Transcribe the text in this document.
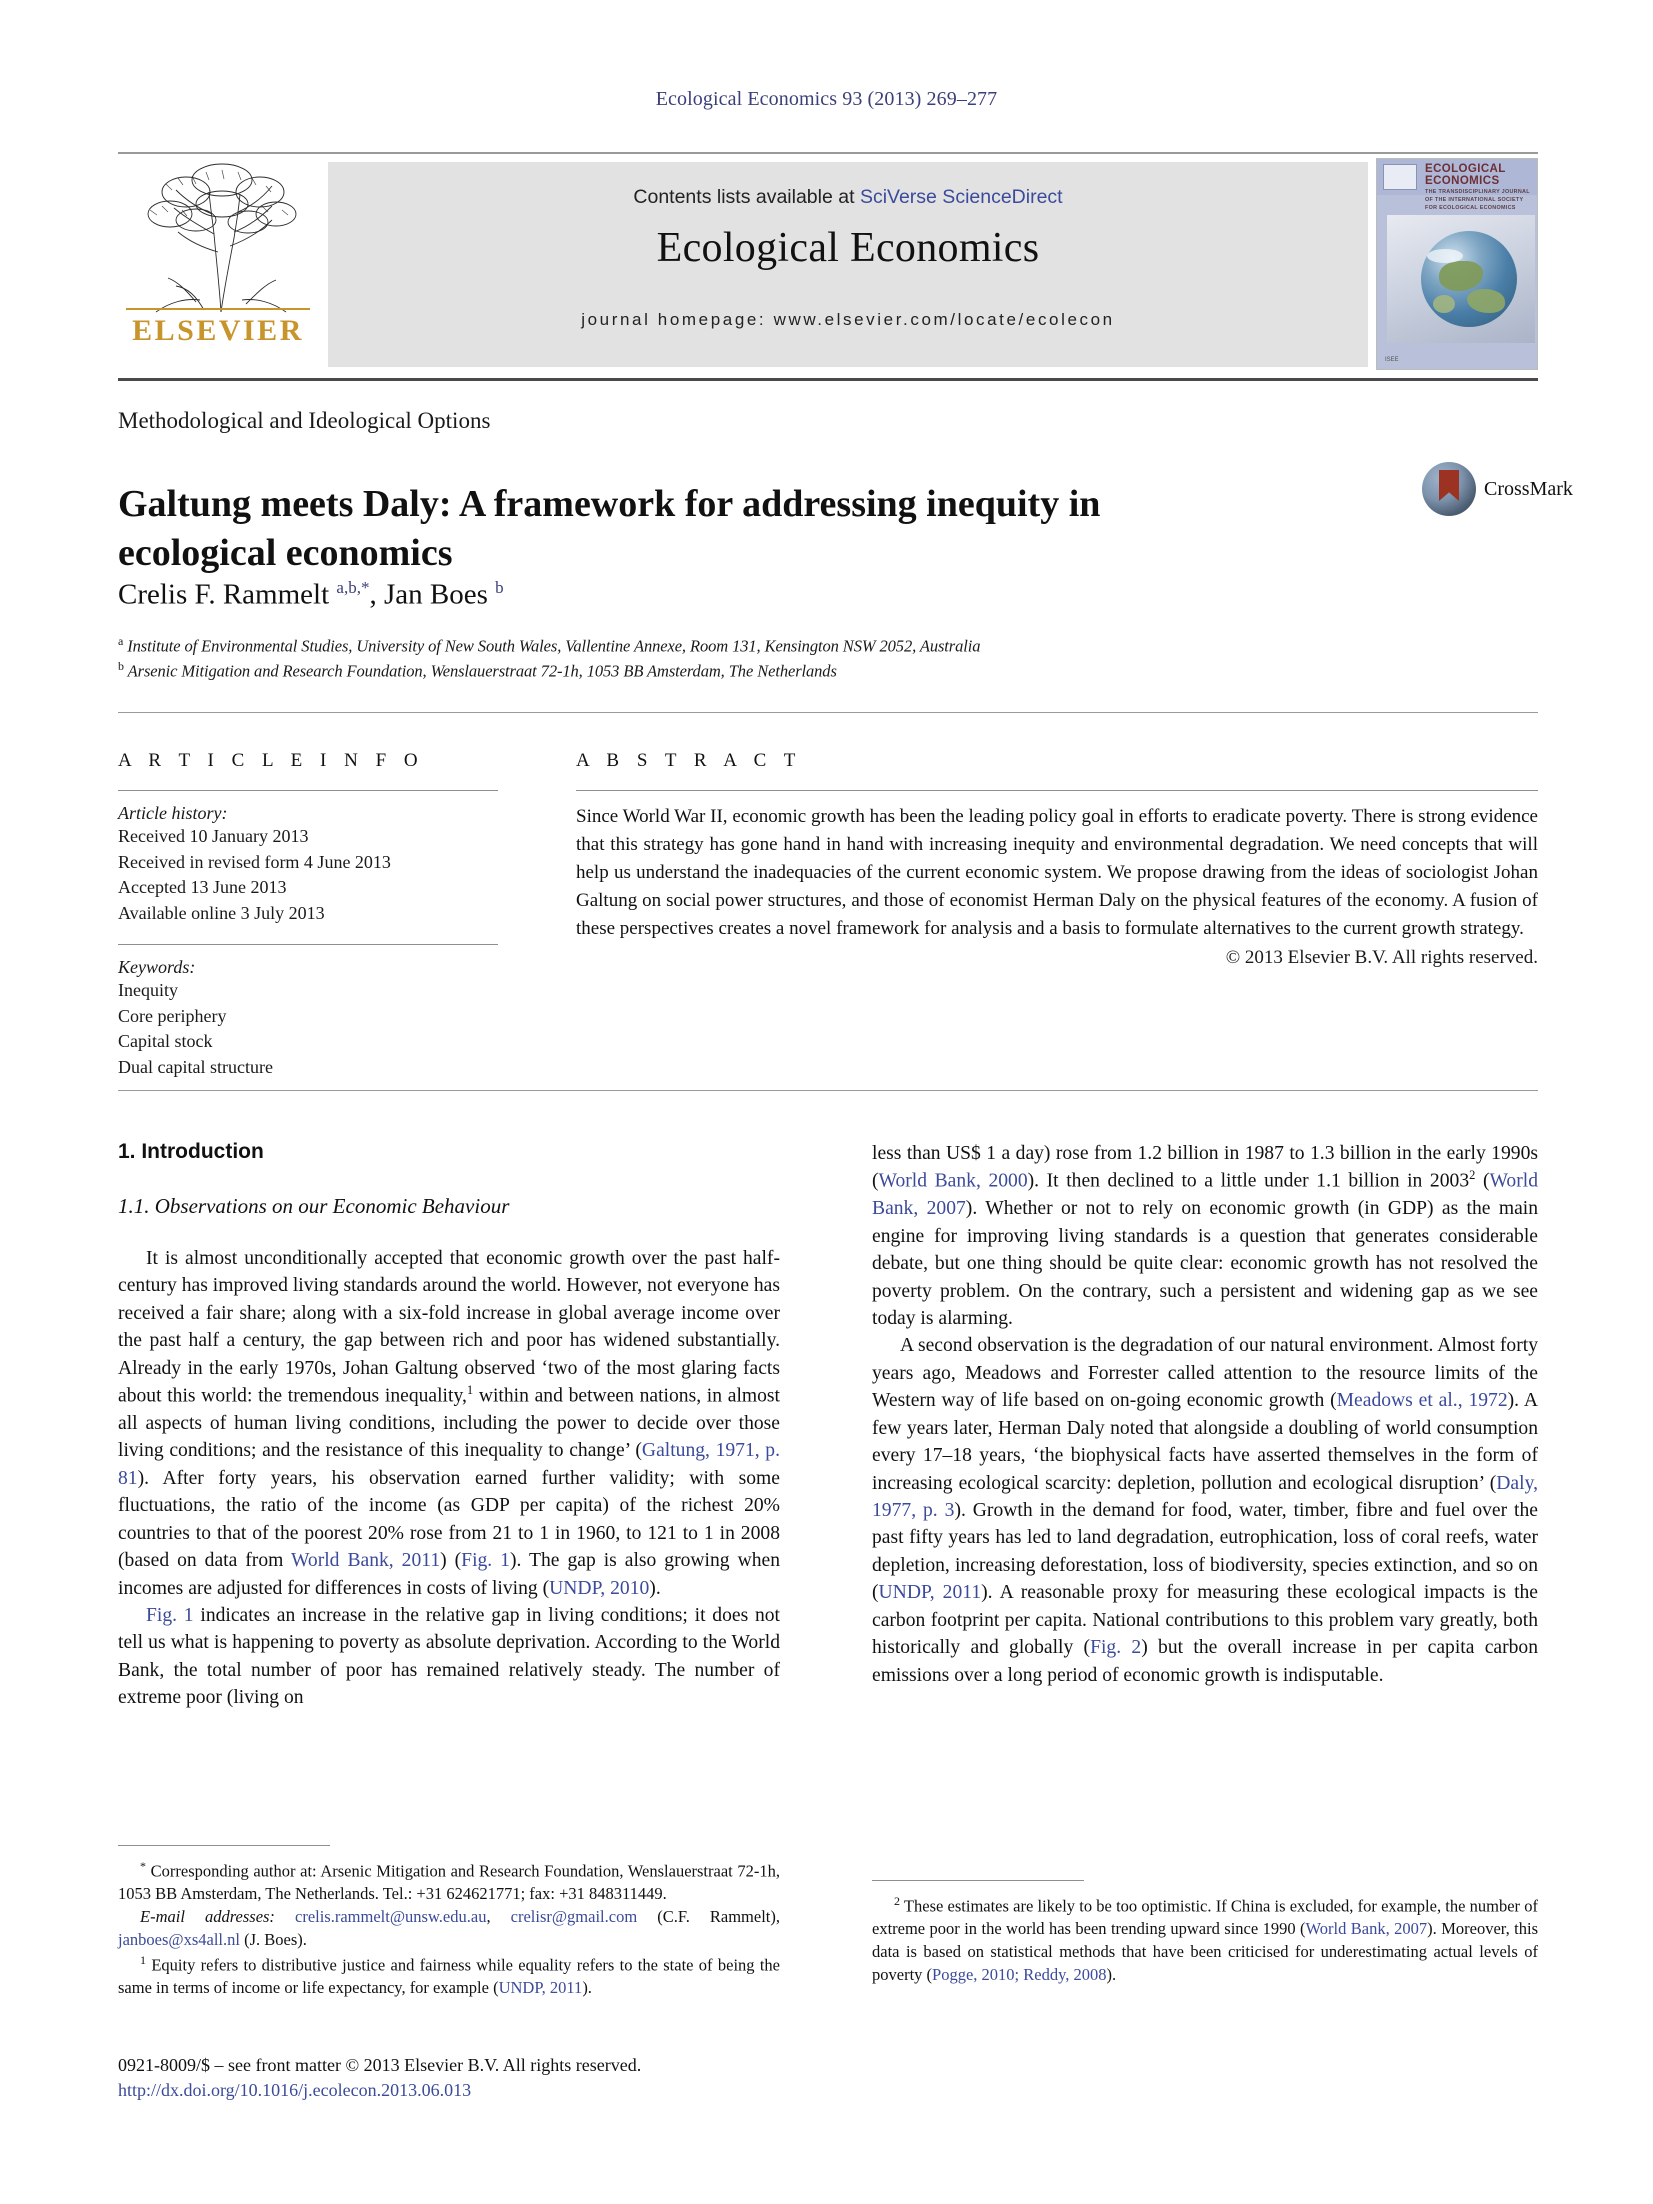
Ecological Economics 93 (2013) 269–277
ELSEVIER
Contents lists available at SciVerse ScienceDirect
Ecological Economics
journal homepage: www.elsevier.com/locate/ecolecon
ECOLOGICAL
ECONOMICS
THE TRANSDISCIPLINARY JOURNAL OF THE INTERNATIONAL SOCIETY FOR ECOLOGICAL ECONOMICS
ISEE
Methodological and Ideological Options
Galtung meets Daly: A framework for addressing inequity in ecological economics
CrossMark
Crelis F. Rammelt $^{a,b,*}$, Jan Boes $^b$
$^a$ Institute of Environmental Studies, University of New South Wales, Vallentine Annexe, Room 131, Kensington NSW 2052, Australia
$^b$ Arsenic Mitigation and Research Foundation, Wenslauerstraat 72-1h, 1053 BB Amsterdam, The Netherlands
A R T I C L E I N F O
Article history:
Received 10 January 2013
Received in revised form 4 June 2013
Accepted 13 June 2013
Available online 3 July 2013
Keywords:
Inequity
Core periphery
Capital stock
Dual capital structure
A B S T R A C T
Since World War II, economic growth has been the leading policy goal in efforts to eradicate poverty. There is strong evidence that this strategy has gone hand in hand with increasing inequity and environmental degradation. We need concepts that will help us understand the inadequacies of the current economic system. We propose drawing from the ideas of sociologist Johan Galtung on social power structures, and those of economist Herman Daly on the physical features of the economy. A fusion of these perspectives creates a novel framework for analysis and a basis to formulate alternatives to the current growth strategy.
© 2013 Elsevier B.V. All rights reserved.
1. Introduction
1.1. Observations on our Economic Behaviour

It is almost unconditionally accepted that economic growth over the past half-century has improved living standards around the world. However, not everyone has received a fair share; along with a six-fold increase in global average income over the past half a century, the gap between rich and poor has widened substantially. Already in the early 1970s, Johan Galtung observed ‘two of the most glaring facts about this world: the tremendous inequality,$^1$ within and between nations, in almost all aspects of human living conditions, including the power to decide over those living conditions; and the resistance of this inequality to change’ (Galtung, 1971, p. 81). After forty years, his observation earned further validity; with some fluctuations, the ratio of the income (as GDP per capita) of the richest 20% countries to that of the poorest 20% rose from 21 to 1 in 1960, to 121 to 1 in 2008 (based on data from World Bank, 2011) (Fig. 1). The gap is also growing when incomes are adjusted for differences in costs of living (UNDP, 2010).

Fig. 1 indicates an increase in the relative gap in living conditions; it does not tell us what is happening to poverty as absolute deprivation. According to the World Bank, the total number of poor has remained relatively steady. The number of extreme poor (living on

less than US$ 1 a day) rose from 1.2 billion in 1987 to 1.3 billion in the early 1990s (World Bank, 2000). It then declined to a little under 1.1 billion in 2003$^2$ (World Bank, 2007). Whether or not to rely on economic growth (in GDP) as the main engine for improving living standards is a question that generates considerable debate, but one thing should be quite clear: economic growth has not resolved the poverty problem. On the contrary, such a persistent and widening gap as we see today is alarming.

A second observation is the degradation of our natural environment. Almost forty years ago, Meadows and Forrester called attention to the resource limits of the Western way of life based on on-going economic growth (Meadows et al., 1972). A few years later, Herman Daly noted that alongside a doubling of world consumption every 17–18 years, ‘the biophysical facts have asserted themselves in the form of increasing ecological scarcity: depletion, pollution and ecological disruption’ (Daly, 1977, p. 3). Growth in the demand for food, water, timber, fibre and fuel over the past fifty years has led to land degradation, eutrophication, loss of coral reefs, water depletion, increasing deforestation, loss of biodiversity, species extinction, and so on (UNDP, 2011). A reasonable proxy for measuring these ecological impacts is the carbon footprint per capita. National contributions to this problem vary greatly, both historically and globally (Fig. 2) but the overall increase in per capita carbon emissions over a long period of economic growth is indisputable.

* Corresponding author at: Arsenic Mitigation and Research Foundation, Wenslauerstraat 72-1h, 1053 BB Amsterdam, The Netherlands. Tel.: +31 624621771; fax: +31 848311449.

E-mail addresses: crelis.rammelt@unsw.edu.au, crelisr@gmail.com (C.F. Rammelt), janboes@xs4all.nl (J. Boes).

$^1$ Equity refers to distributive justice and fairness while equality refers to the state of being the same in terms of income or life expectancy, for example (UNDP, 2011).

$^2$ These estimates are likely to be too optimistic. If China is excluded, for example, the number of extreme poor in the world has been trending upward since 1990 (World Bank, 2007). Moreover, this data is based on statistical methods that have been criticised for underestimating actual levels of poverty (Pogge, 2010; Reddy, 2008).

0921-8009/$ – see front matter © 2013 Elsevier B.V. All rights reserved.
http://dx.doi.org/10.1016/j.ecolecon.2013.06.013
